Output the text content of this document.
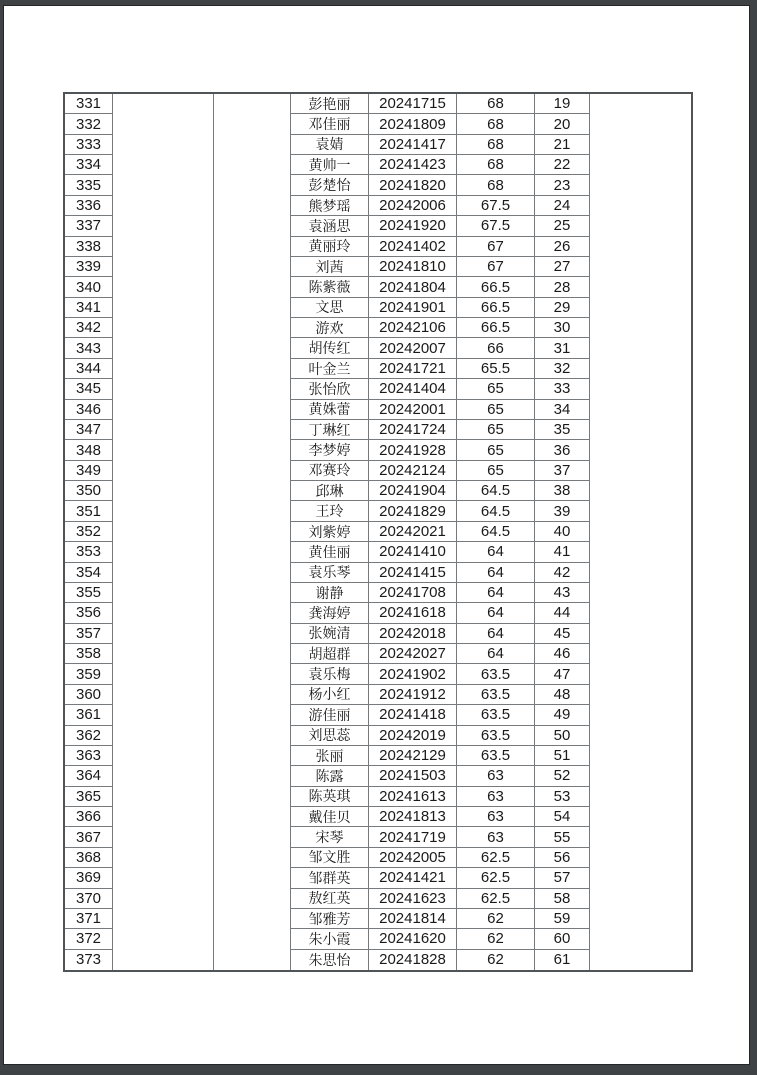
331	彭艳丽	20241715	68	19
332	邓佳丽	20241809	68	20
333	袁婧	20241417	68	21
334	黄帅一	20241423	68	22
335	彭楚怡	20241820	68	23
336	熊梦瑶	20242006	67.5	24
337	袁涵思	20241920	67.5	25
338	黄丽玲	20241402	67	26
339	刘茜	20241810	67	27
340	陈紫薇	20241804	66.5	28
341	文思	20241901	66.5	29
342	游欢	20242106	66.5	30
343	胡传红	20242007	66	31
344	叶金兰	20241721	65.5	32
345	张怡欣	20241404	65	33
346	黄姝蕾	20242001	65	34
347	丁琳红	20241724	65	35
348	李梦婷	20241928	65	36
349	邓赛玲	20242124	65	37
350	邱琳	20241904	64.5	38
351	王玲	20241829	64.5	39
352	刘紫婷	20242021	64.5	40
353	黄佳丽	20241410	64	41
354	袁乐琴	20241415	64	42
355	谢静	20241708	64	43
356	龚海婷	20241618	64	44
357	张婉清	20242018	64	45
358	胡超群	20242027	64	46
359	袁乐梅	20241902	63.5	47
360	杨小红	20241912	63.5	48
361	游佳丽	20241418	63.5	49
362	刘思蕊	20242019	63.5	50
363	张丽	20242129	63.5	51
364	陈露	20241503	63	52
365	陈英琪	20241613	63	53
366	戴佳贝	20241813	63	54
367	宋琴	20241719	63	55
368	邹文胜	20242005	62.5	56
369	邹群英	20241421	62.5	57
370	敖红英	20241623	62.5	58
371	邹雅芳	20241814	62	59
372	朱小霞	20241620	62	60
373	朱思怡	20241828	62	61
